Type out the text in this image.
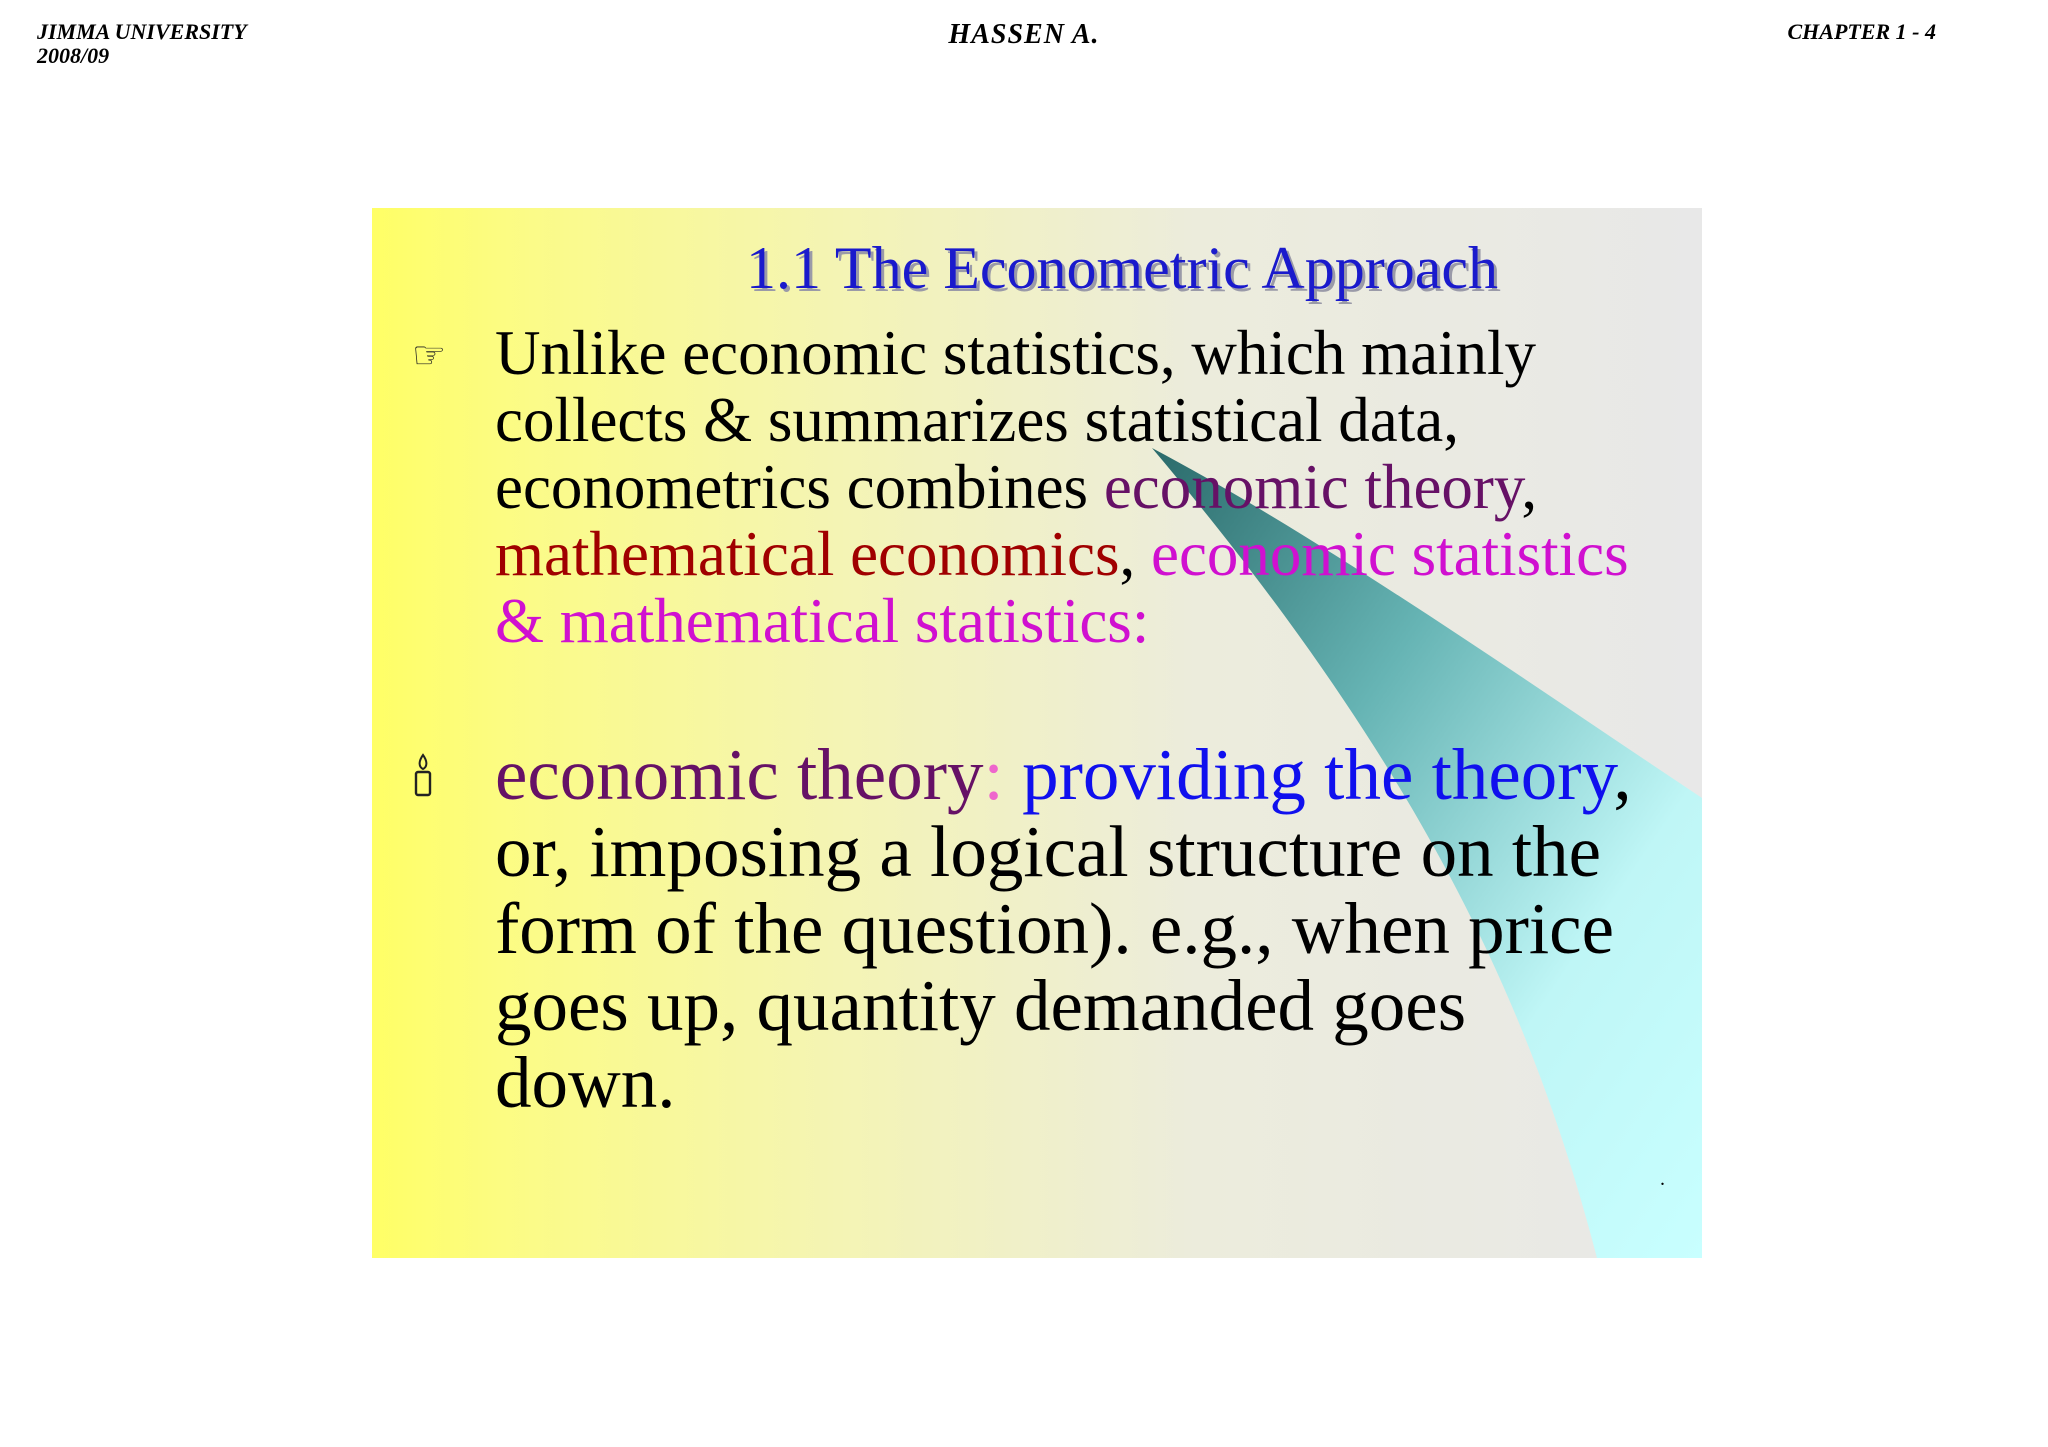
JIMMA UNIVERSITY
2008/09
HASSEN A.	CHAPTER 1 - 4
1.1 The Econometric Approach
☞ Unlike economic statistics, which mainly collects & summarizes statistical data, econometrics combines economic theory, mathematical economics, economic statistics & mathematical statistics:

economic theory: providing the theory, or, imposing a logical structure on the form of the question). e.g., when price goes up, quantity demanded goes down.

.
